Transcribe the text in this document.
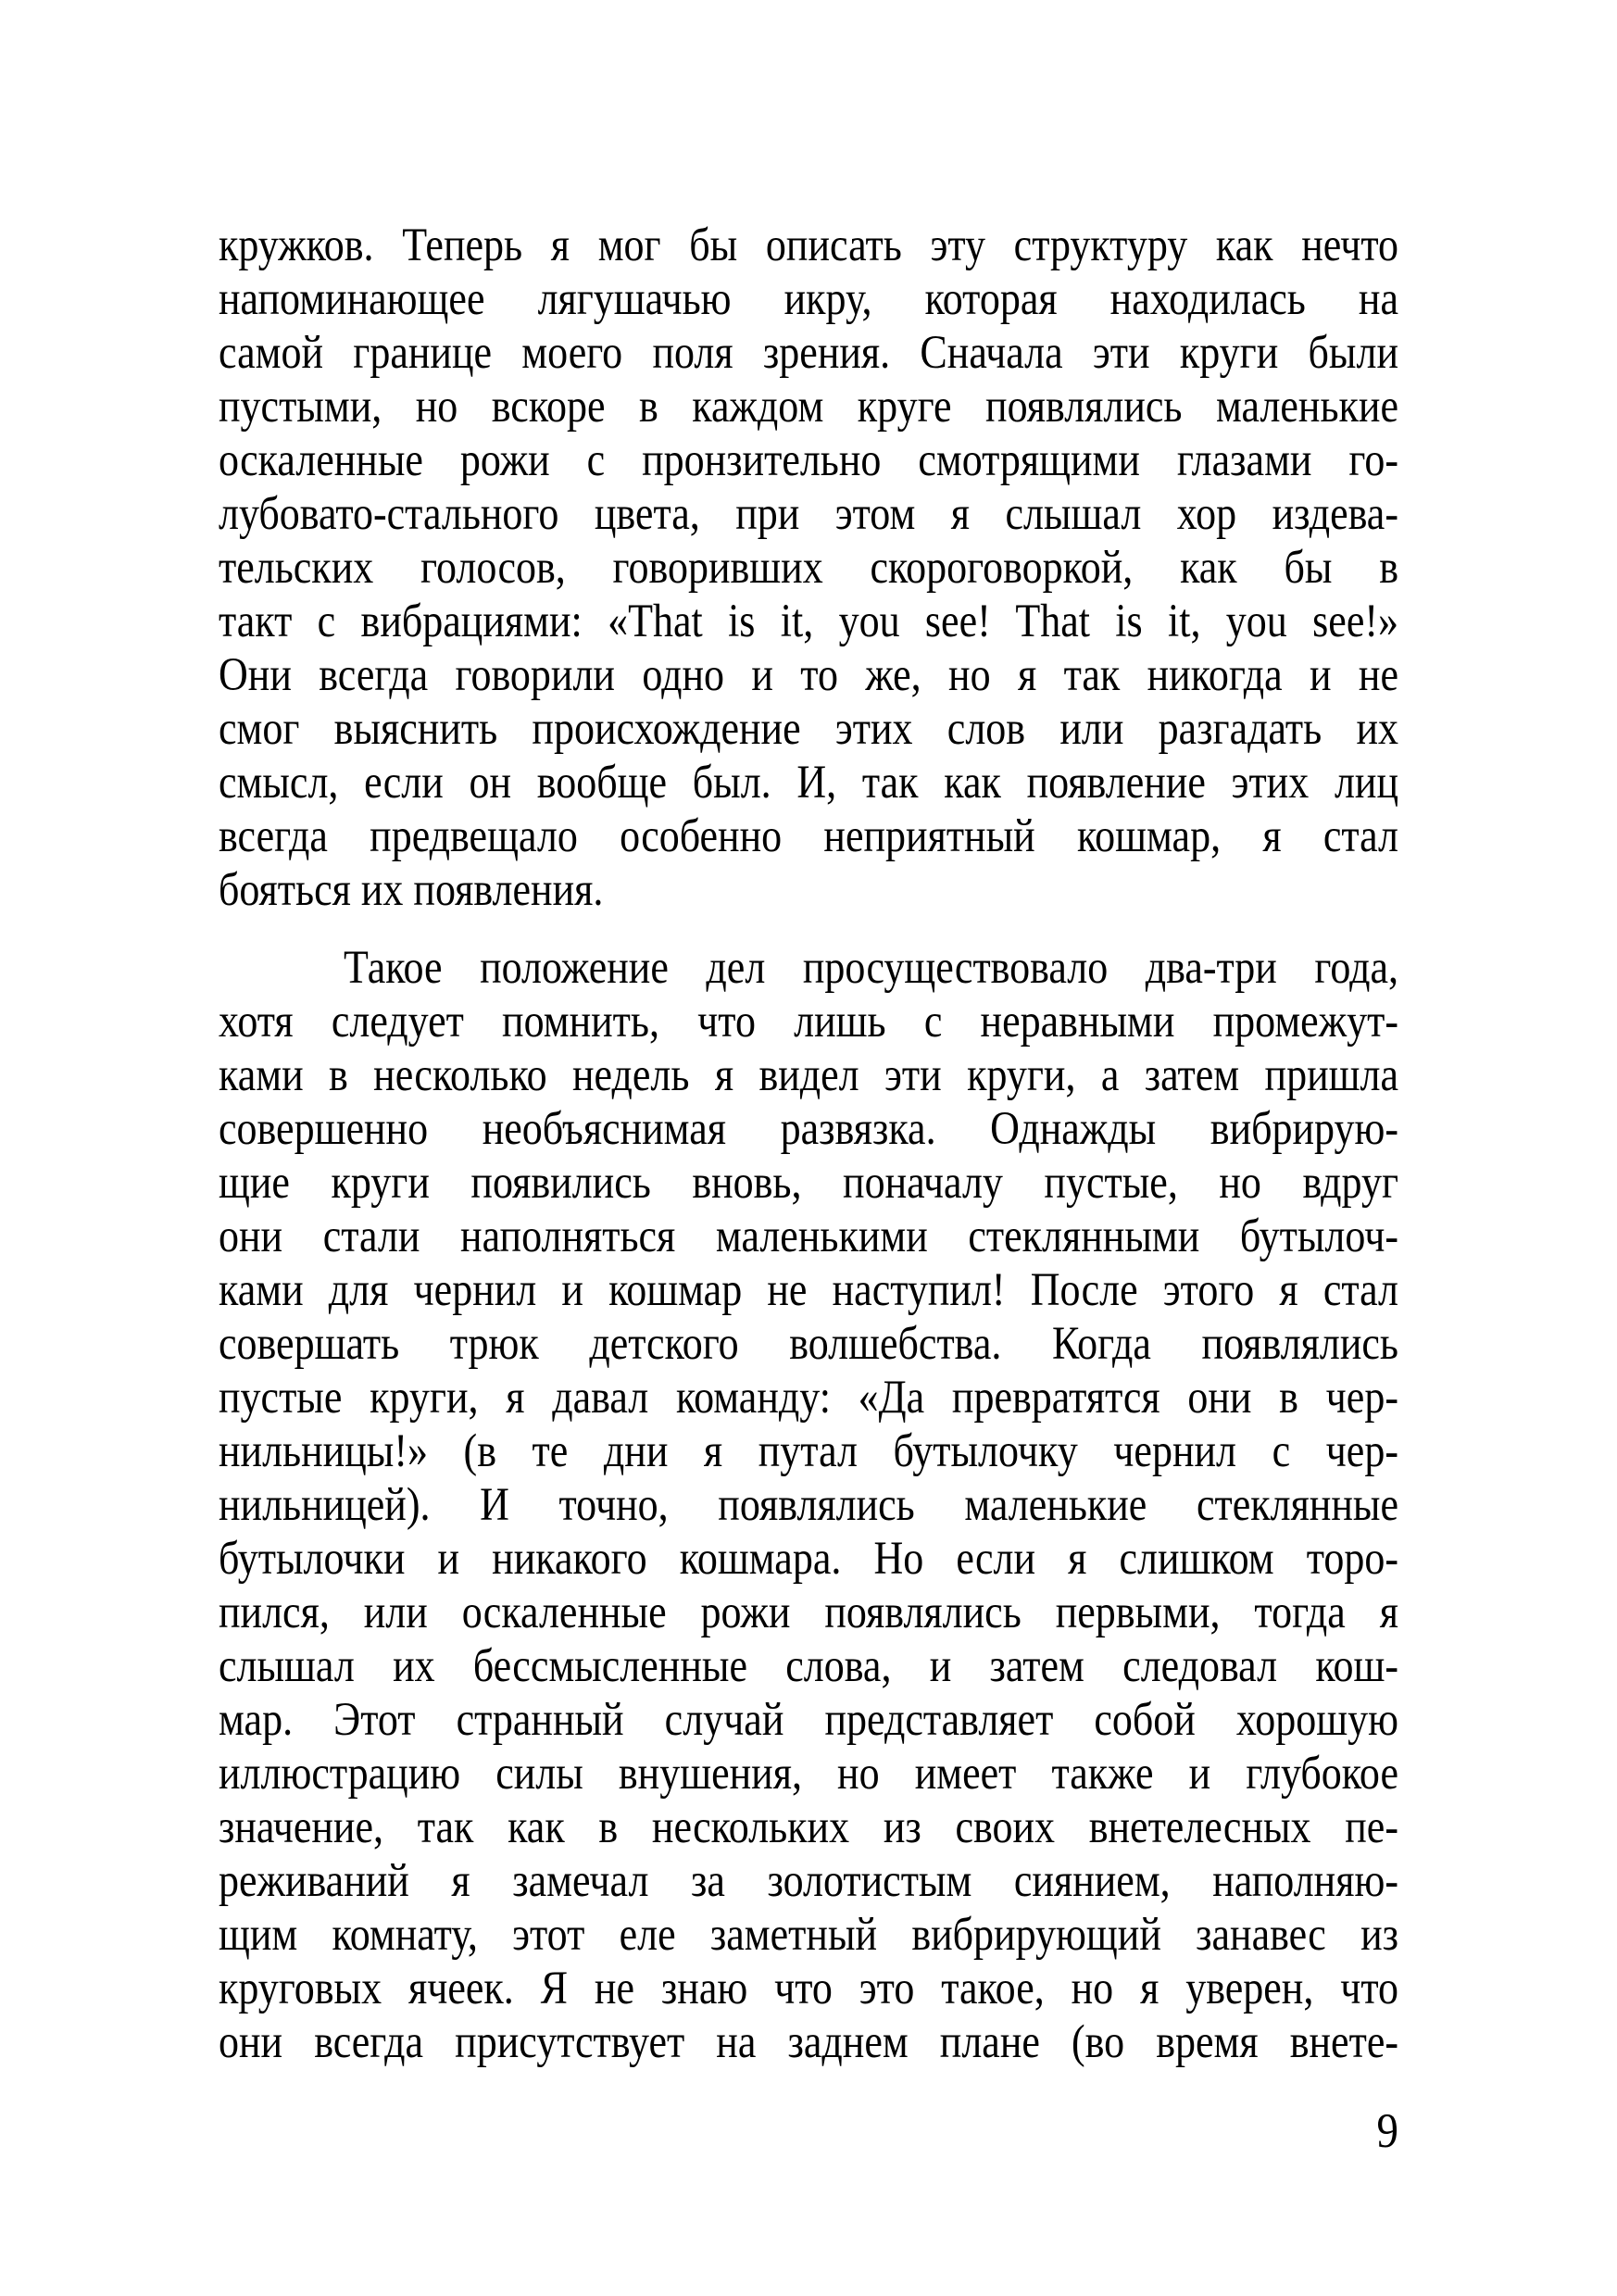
кружков. Теперь я мог бы описать эту структуру как нечто
напоминающее лягушачью икру, которая находилась на
самой границе моего поля зрения. Сначала эти круги были
пустыми, но вскоре в каждом круге появлялись маленькие
оскаленные рожи с пронзительно смотрящими глазами го-
лубовато-стального цвета, при этом я слышал хор издева-
тельских голосов, говоривших скороговоркой, как бы в
такт с вибрациями: «That is it, you see! That is it, you see!»
Они всегда говорили одно и то же, но я так никогда и не
смог выяснить происхождение этих слов или разгадать их
смысл, если он вообще был. И, так как появление этих лиц
всегда предвещало особенно неприятный кошмар, я стал
бояться их появления.

Такое положение дел просуществовало два-три года,
хотя следует помнить, что лишь с неравными промежут-
ками в несколько недель я видел эти круги, а затем пришла
совершенно необъяснимая развязка. Однажды вибрирую-
щие круги появились вновь, поначалу пустые, но вдруг
они стали наполняться маленькими стеклянными бутылоч-
ками для чернил и кошмар не наступил! После этого я стал
совершать трюк детского волшебства. Когда появлялись
пустые круги, я давал команду: «Да превратятся они в чер-
нильницы!» (в те дни я путал бутылочку чернил с чер-
нильницей). И точно, появлялись маленькие стеклянные
бутылочки и никакого кошмара. Но если я слишком торо-
пился, или оскаленные рожи появлялись первыми, тогда я
слышал их бессмысленные слова, и затем следовал кош-
мар. Этот странный случай представляет собой хорошую
иллюстрацию силы внушения, но имеет также и глубокое
значение, так как в нескольких из своих внетелесных пе-
реживаний я замечал за золотистым сиянием, наполняю-
щим комнату, этот еле заметный вибрирующий занавес из
круговых ячеек. Я не знаю что это такое, но я уверен, что
они всегда присутствует на заднем плане (во время внете-

9
